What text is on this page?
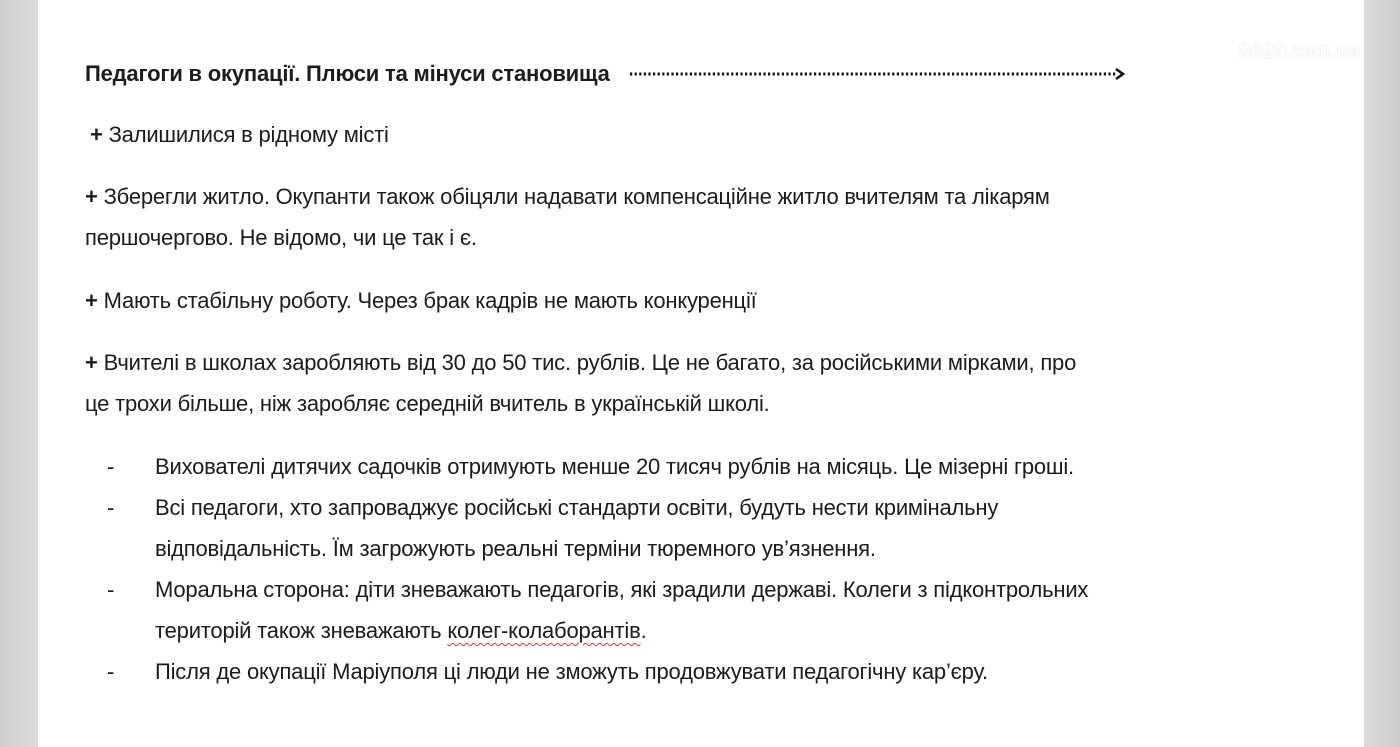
0629.com.ua
Педагоги в окупації. Плюси та мінуси становища
+ Залишилися в рідному місті
+ Зберегли житло. Окупанти також обіцяли надавати компенсаційне житло вчителям та лікарям
першочергово. Не відомо, чи це так і є.
+ Мають стабільну роботу. Через брак кадрів не мають конкуренції
+ Вчителі в школах заробляють від 30 до 50 тис. рублів. Це не багато, за російськими мірками, про
це трохи більше, ніж заробляє середній вчитель в українській школі.
- Вихователі дитячих садочків отримують менше 20 тисяч рублів на місяць. Це мізерні гроші.
- Всі педагоги, хто запроваджує російські стандарти освіти, будуть нести кримінальну
відповідальність. Їм загрожують реальні терміни тюремного ув’язнення.
- Моральна сторона: діти зневажають педагогів, які зрадили державі. Колеги з підконтрольних
територій також зневажають колег-колаборантів.
- Після де окупації Маріуполя ці люди не зможуть продовжувати педагогічну кар’єру.
